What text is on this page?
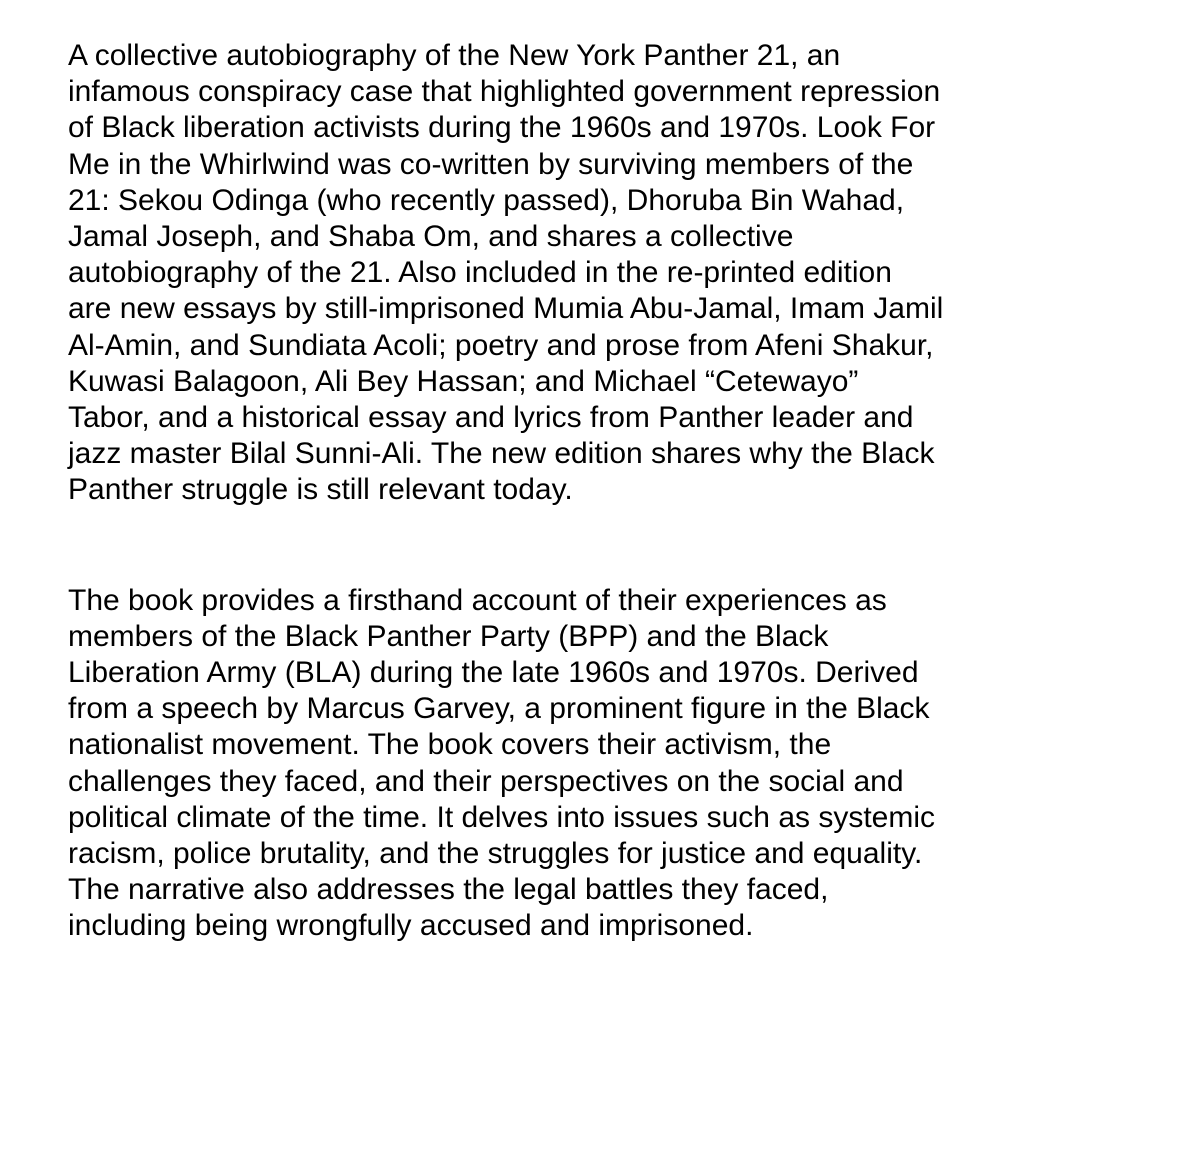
A collective autobiography of the New York Panther 21, an
infamous conspiracy case that highlighted government repression
of Black liberation activists during the 1960s and 1970s. Look For
Me in the Whirlwind was co-written by surviving members of the
21: Sekou Odinga (who recently passed), Dhoruba Bin Wahad,
Jamal Joseph, and Shaba Om, and shares a collective
autobiography of the 21. Also included in the re-printed edition
are new essays by still-imprisoned Mumia Abu-Jamal, Imam Jamil
Al-Amin, and Sundiata Acoli; poetry and prose from Afeni Shakur,
Kuwasi Balagoon, Ali Bey Hassan; and Michael “Cetewayo”
Tabor, and a historical essay and lyrics from Panther leader and
jazz master Bilal Sunni-Ali. The new edition shares why the Black
Panther struggle is still relevant today.

The book provides a firsthand account of their experiences as
members of the Black Panther Party (BPP) and the Black
Liberation Army (BLA) during the late 1960s and 1970s. Derived
from a speech by Marcus Garvey, a prominent figure in the Black
nationalist movement. The book covers their activism, the
challenges they faced, and their perspectives on the social and
political climate of the time. It delves into issues such as systemic
racism, police brutality, and the struggles for justice and equality.
The narrative also addresses the legal battles they faced,
including being wrongfully accused and imprisoned.
